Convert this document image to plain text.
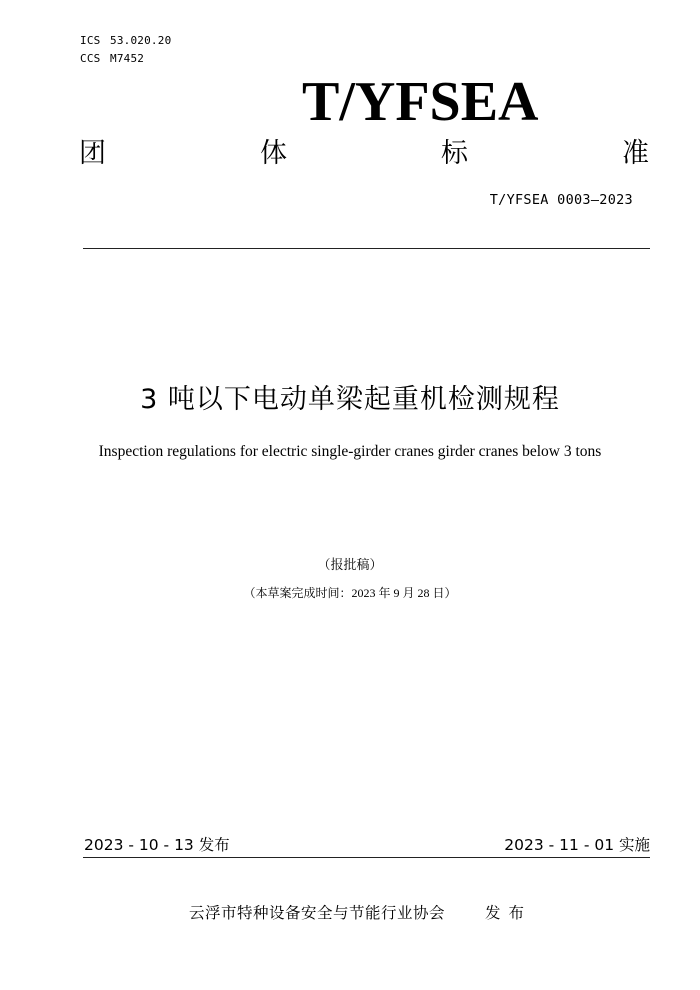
ICS 53.020.20
CCS M7452
T/YFSEA
团	体	标	准
T/YFSEA 0003—2023
3 吨以下电动单梁起重机检测规程
Inspection regulations for electric single-girder cranes girder cranes below 3 tons
（报批稿）
（本草案完成时间：2023 年 9 月 28 日）
2023 - 10 - 13 发布	2023 - 11 - 01 实施
云浮市特种设备安全与节能行业协会	发布
